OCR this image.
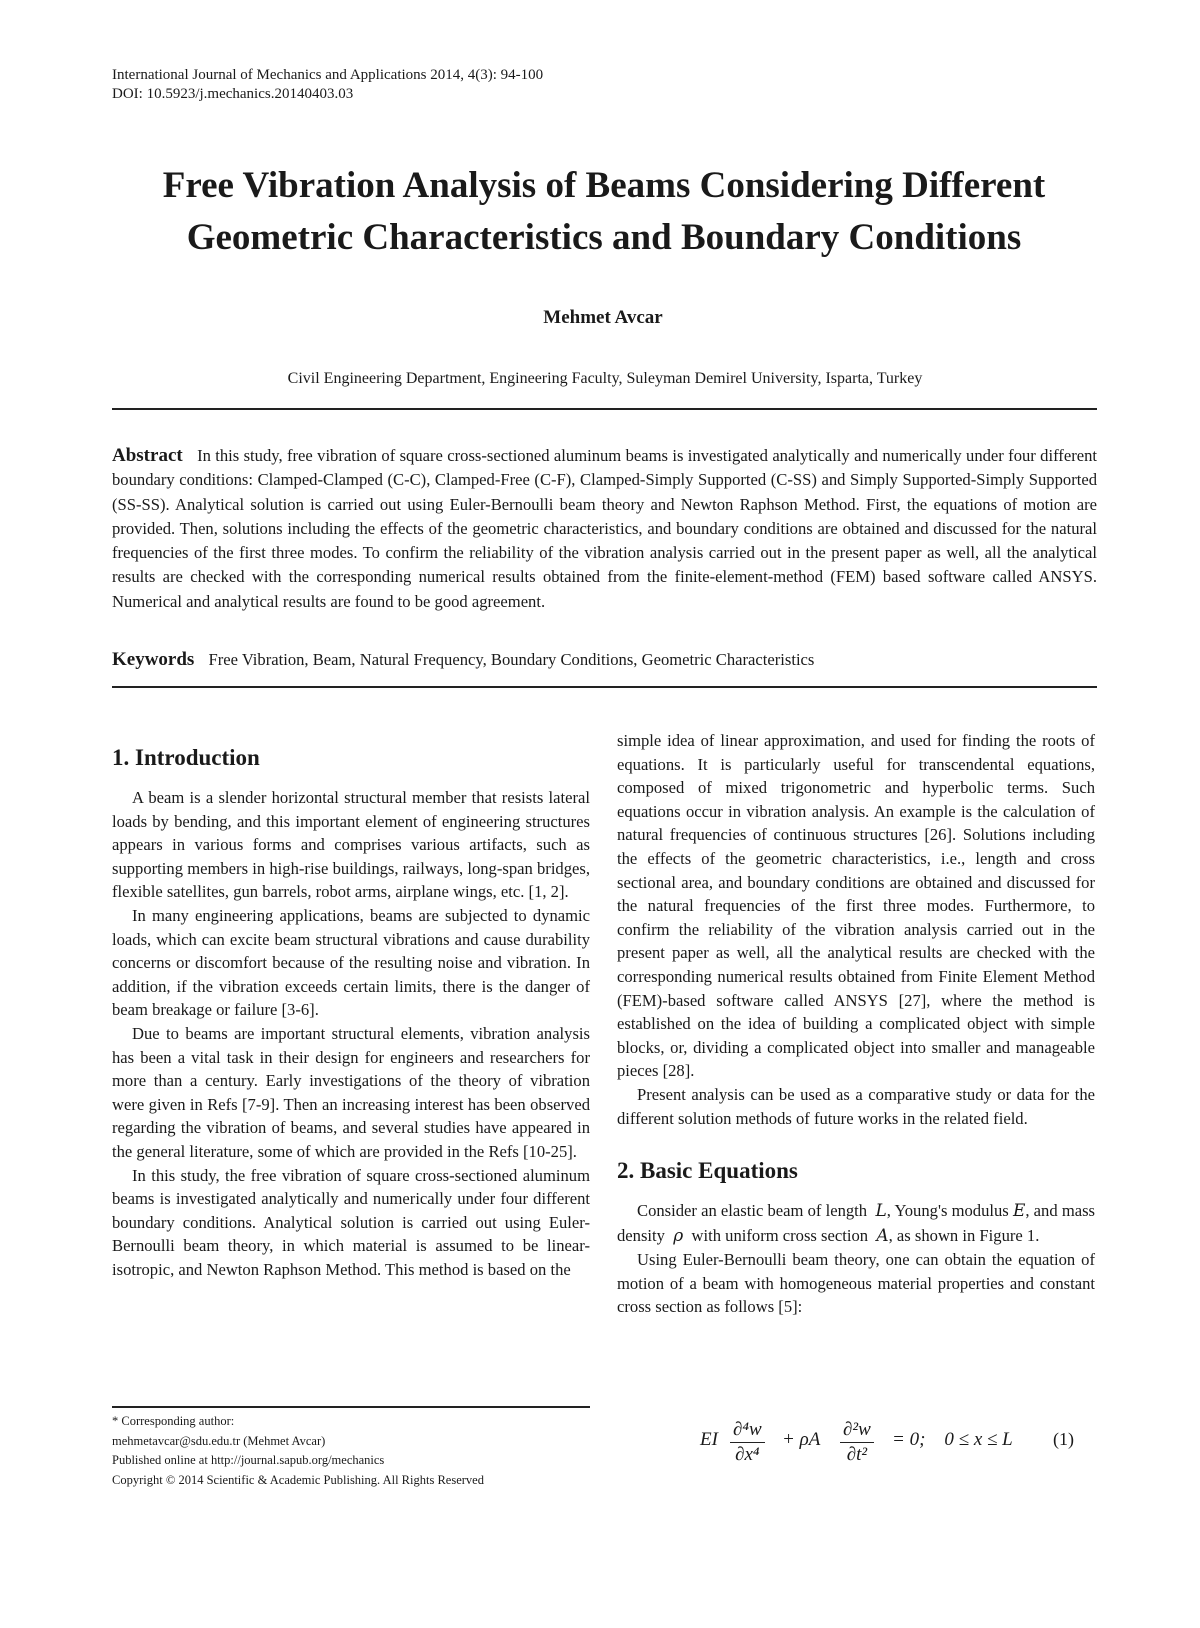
International Journal of Mechanics and Applications 2014, 4(3): 94-100
DOI: 10.5923/j.mechanics.20140403.03
Free Vibration Analysis of Beams Considering Different
Geometric Characteristics and Boundary Conditions
Mehmet Avcar
Civil Engineering Department, Engineering Faculty, Suleyman Demirel University, Isparta, Turkey
Abstract In this study, free vibration of square cross-sectioned aluminum beams is investigated analytically and numerically under four different boundary conditions: Clamped-Clamped (C-C), Clamped-Free (C-F), Clamped-Simply Supported (C-SS) and Simply Supported-Simply Supported (SS-SS). Analytical solution is carried out using Euler-Bernoulli beam theory and Newton Raphson Method. First, the equations of motion are provided. Then, solutions including the effects of the geometric characteristics, and boundary conditions are obtained and discussed for the natural frequencies of the first three modes. To confirm the reliability of the vibration analysis carried out in the present paper as well, all the analytical results are checked with the corresponding numerical results obtained from the finite-element-method (FEM) based software called ANSYS. Numerical and analytical results are found to be good agreement.
Keywords Free Vibration, Beam, Natural Frequency, Boundary Conditions, Geometric Characteristics
1. Introduction

A beam is a slender horizontal structural member that resists lateral loads by bending, and this important element of engineering structures appears in various forms and comprises various artifacts, such as supporting members in high-rise buildings, railways, long-span bridges, flexible satellites, gun barrels, robot arms, airplane wings, etc. [1, 2].

In many engineering applications, beams are subjected to dynamic loads, which can excite beam structural vibrations and cause durability concerns or discomfort because of the resulting noise and vibration. In addition, if the vibration exceeds certain limits, there is the danger of beam breakage or failure [3-6].

Due to beams are important structural elements, vibration analysis has been a vital task in their design for engineers and researchers for more than a century. Early investigations of the theory of vibration were given in Refs [7-9]. Then an increasing interest has been observed regarding the vibration of beams, and several studies have appeared in the general literature, some of which are provided in the Refs [10-25].

In this study, the free vibration of square cross-sectioned aluminum beams is investigated analytically and numerically under four different boundary conditions. Analytical solution is carried out using Euler-Bernoulli beam theory, in which material is assumed to be linear-isotropic, and Newton Raphson Method. This method is based on the

* Corresponding author:
mehmetavcar@sdu.edu.tr (Mehmet Avcar)
Published online at http://journal.sapub.org/mechanics
Copyright © 2014 Scientific & Academic Publishing. All Rights Reserved

simple idea of linear approximation, and used for finding the roots of equations. It is particularly useful for transcendental equations, composed of mixed trigonometric and hyperbolic terms. Such equations occur in vibration analysis. An example is the calculation of natural frequencies of continuous structures [26]. Solutions including the effects of the geometric characteristics, i.e., length and cross sectional area, and boundary conditions are obtained and discussed for the natural frequencies of the first three modes. Furthermore, to confirm the reliability of the vibration analysis carried out in the present paper as well, all the analytical results are checked with the corresponding numerical results obtained from Finite Element Method (FEM)-based software called ANSYS [27], where the method is established on the idea of building a complicated object with simple blocks, or, dividing a complicated object into smaller and manageable pieces [28].

Present analysis can be used as a comparative study or data for the different solution methods of future works in the related field.

2. Basic Equations

Consider an elastic beam of length L, Young's modulus E, and mass density ρ with uniform cross section A, as shown in Figure 1.

Using Euler-Bernoulli beam theory, one can obtain the equation of motion of a beam with homogeneous material properties and constant cross section as follows [5]:

EI $\frac{\text{∂⁴w}}{\text{∂x⁴}} + \rho A \frac{\text{∂²w}}{\text{∂t²}} = 0$;    0 ≤ x ≤ L (1)
